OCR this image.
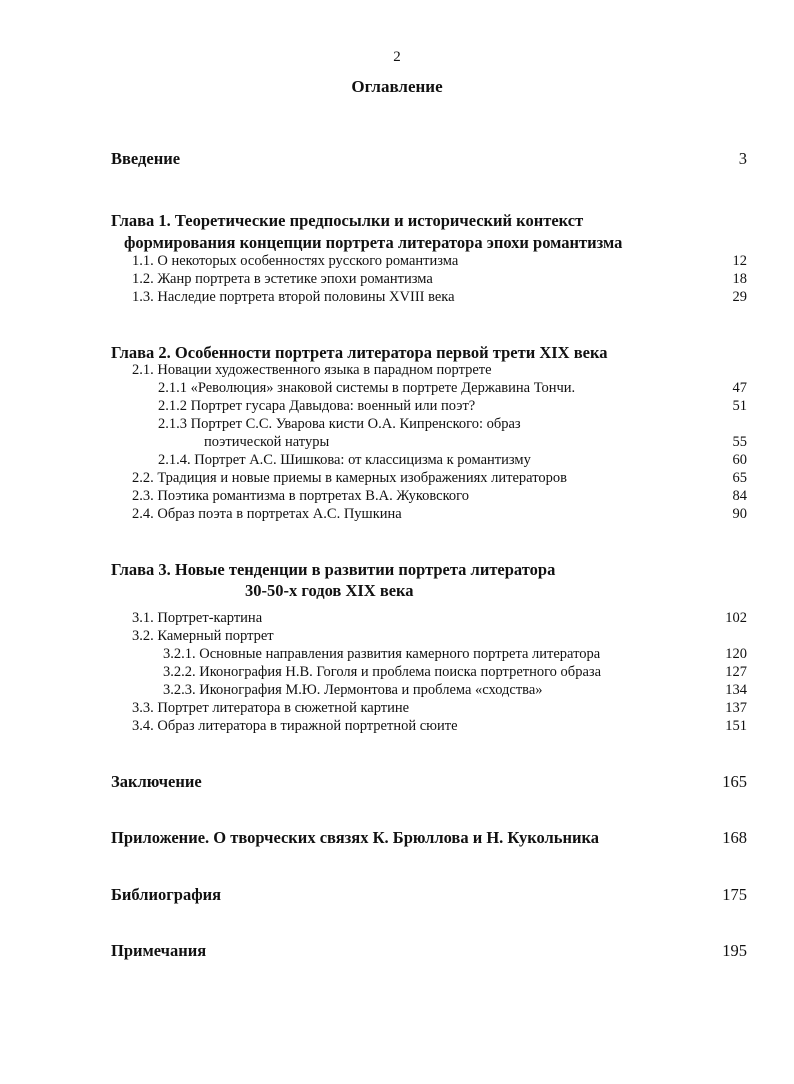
2
Оглавление
Введение	3
Глава 1. Теоретические предпосылки и исторический контекст
формирования концепции портрета литератора эпохи романтизма
1.1. О некоторых особенностях русского романтизма	12
1.2. Жанр портрета в эстетике эпохи романтизма	18
1.3. Наследие портрета второй половины XVIII века	29
Глава 2. Особенности портрета литератора первой трети XIX века
2.1. Новации художественного языка в парадном портрете
2.1.1 «Революция» знаковой системы в портрете Державина Тончи.	47
2.1.2 Портрет гусара Давыдова: военный или поэт?	51
2.1.3 Портрет С.С. Уварова кисти О.А. Кипренского: образ
поэтической натуры	55
2.1.4. Портрет А.С. Шишкова: от классицизма к романтизму	60
2.2. Традиция и новые приемы в камерных изображениях литераторов	65
2.3. Поэтика романтизма в портретах В.А. Жуковского	84
2.4. Образ поэта в портретах А.С. Пушкина	90
Глава 3. Новые тенденции в развитии портрета литератора
30-50-х годов XIX века
3.1. Портрет-картина	102
3.2. Камерный портрет
3.2.1. Основные направления развития камерного портрета литератора	120
3.2.2. Иконография Н.В. Гоголя и проблема поиска портретного образа	127
3.2.3. Иконография М.Ю. Лермонтова и проблема «сходства»	134
3.3. Портрет литератора в сюжетной картине	137
3.4. Образ литератора в тиражной портретной сюите	151
Заключение	165
Приложение. О творческих связях К. Брюллова и Н. Кукольника	168
Библиография	175
Примечания	195
